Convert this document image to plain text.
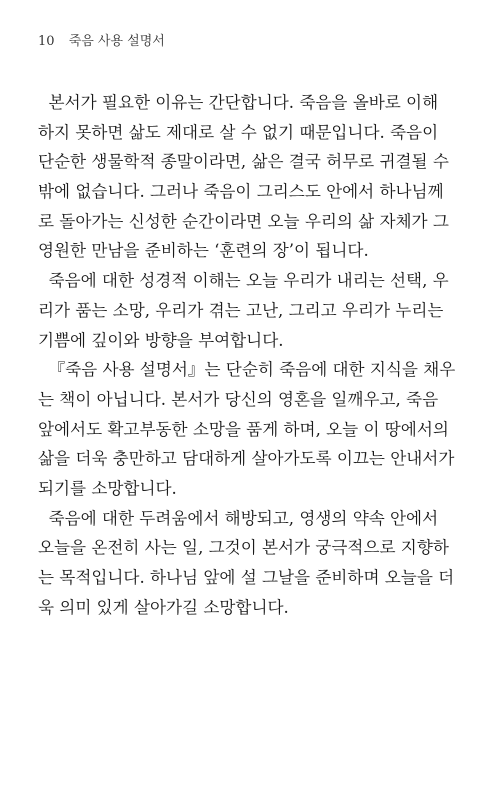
10 죽음 사용 설명서
본서가 필요한 이유는 간단합니다. 죽음을 올바로 이해
하지 못하면 삶도 제대로 살 수 없기 때문입니다. 죽음이
단순한 생물학적 종말이라면, 삶은 결국 허무로 귀결될 수
밖에 없습니다. 그러나 죽음이 그리스도 안에서 하나님께
로 돌아가는 신성한 순간이라면 오늘 우리의 삶 자체가 그
영원한 만남을 준비하는 ‘훈련의 장’이 됩니다.
죽음에 대한 성경적 이해는 오늘 우리가 내리는 선택, 우
리가 품는 소망, 우리가 겪는 고난, 그리고 우리가 누리는
기쁨에 깊이와 방향을 부여합니다.
『죽음 사용 설명서』는 단순히 죽음에 대한 지식을 채우
는 책이 아닙니다. 본서가 당신의 영혼을 일깨우고, 죽음
앞에서도 확고부동한 소망을 품게 하며, 오늘 이 땅에서의
삶을 더욱 충만하고 담대하게 살아가도록 이끄는 안내서가
되기를 소망합니다.
죽음에 대한 두려움에서 해방되고, 영생의 약속 안에서
오늘을 온전히 사는 일, 그것이 본서가 궁극적으로 지향하
는 목적입니다. 하나님 앞에 설 그날을 준비하며 오늘을 더
욱 의미 있게 살아가길 소망합니다.
